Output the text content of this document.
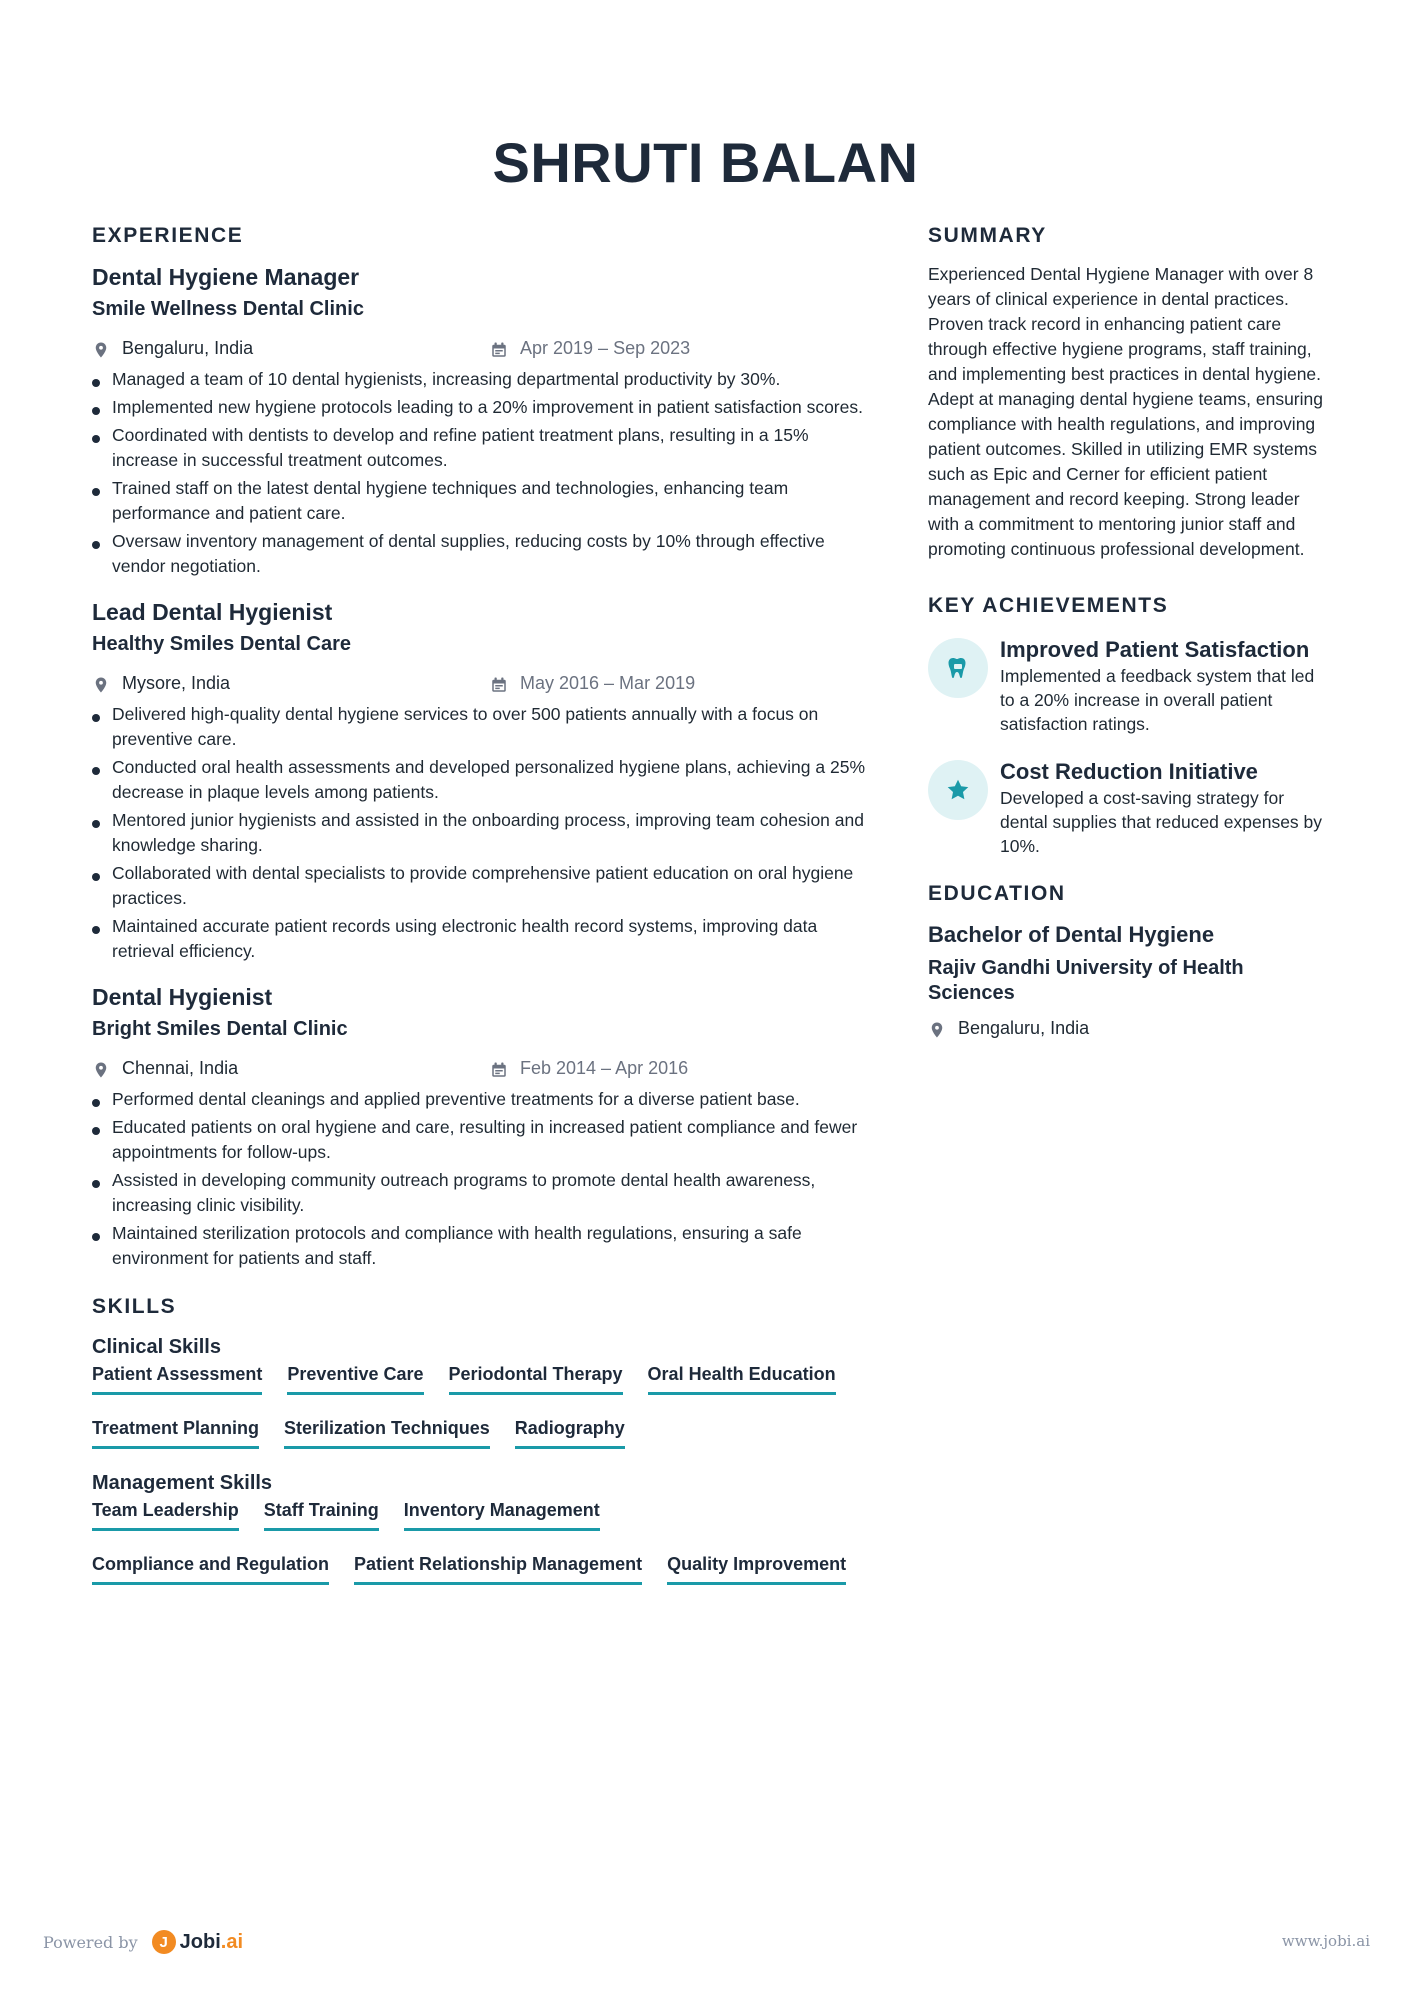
SHRUTI BALAN
EXPERIENCE
Dental Hygiene Manager
Smile Wellness Dental Clinic
Bengaluru, India	Apr 2019 – Sep 2023
Managed a team of 10 dental hygienists, increasing departmental productivity by 30%.
Implemented new hygiene protocols leading to a 20% improvement in patient satisfaction scores.
Coordinated with dentists to develop and refine patient treatment plans, resulting in a 15% increase in successful treatment outcomes.
Trained staff on the latest dental hygiene techniques and technologies, enhancing team performance and patient care.
Oversaw inventory management of dental supplies, reducing costs by 10% through effective vendor negotiation.
Lead Dental Hygienist
Healthy Smiles Dental Care
Mysore, India	May 2016 – Mar 2019
Delivered high-quality dental hygiene services to over 500 patients annually with a focus on preventive care.
Conducted oral health assessments and developed personalized hygiene plans, achieving a 25% decrease in plaque levels among patients.
Mentored junior hygienists and assisted in the onboarding process, improving team cohesion and knowledge sharing.
Collaborated with dental specialists to provide comprehensive patient education on oral hygiene practices.
Maintained accurate patient records using electronic health record systems, improving data retrieval efficiency.
Dental Hygienist
Bright Smiles Dental Clinic
Chennai, India	Feb 2014 – Apr 2016
Performed dental cleanings and applied preventive treatments for a diverse patient base.
Educated patients on oral hygiene and care, resulting in increased patient compliance and fewer appointments for follow-ups.
Assisted in developing community outreach programs to promote dental health awareness, increasing clinic visibility.
Maintained sterilization protocols and compliance with health regulations, ensuring a safe environment for patients and staff.
SKILLS
Clinical Skills
Patient Assessment Preventive Care Periodontal Therapy Oral Health Education
Treatment Planning Sterilization Techniques Radiography
Management Skills
Team Leadership Staff Training Inventory Management
Compliance and Regulation Patient Relationship Management Quality Improvement
SUMMARY
Experienced Dental Hygiene Manager with over 8 years of clinical experience in dental practices. Proven track record in enhancing patient care through effective hygiene programs, staff training, and implementing best practices in dental hygiene. Adept at managing dental hygiene teams, ensuring compliance with health regulations, and improving patient outcomes. Skilled in utilizing EMR systems such as Epic and Cerner for efficient patient management and record keeping. Strong leader with a commitment to mentoring junior staff and promoting continuous professional development.
KEY ACHIEVEMENTS
Improved Patient Satisfaction
Implemented a feedback system that led to a 20% increase in overall patient satisfaction ratings.
Cost Reduction Initiative
Developed a cost-saving strategy for dental supplies that reduced expenses by 10%.
EDUCATION
Bachelor of Dental Hygiene
Rajiv Gandhi University of Health Sciences
Bengaluru, India
Powered by	J Jobi.ai	www.jobi.ai
